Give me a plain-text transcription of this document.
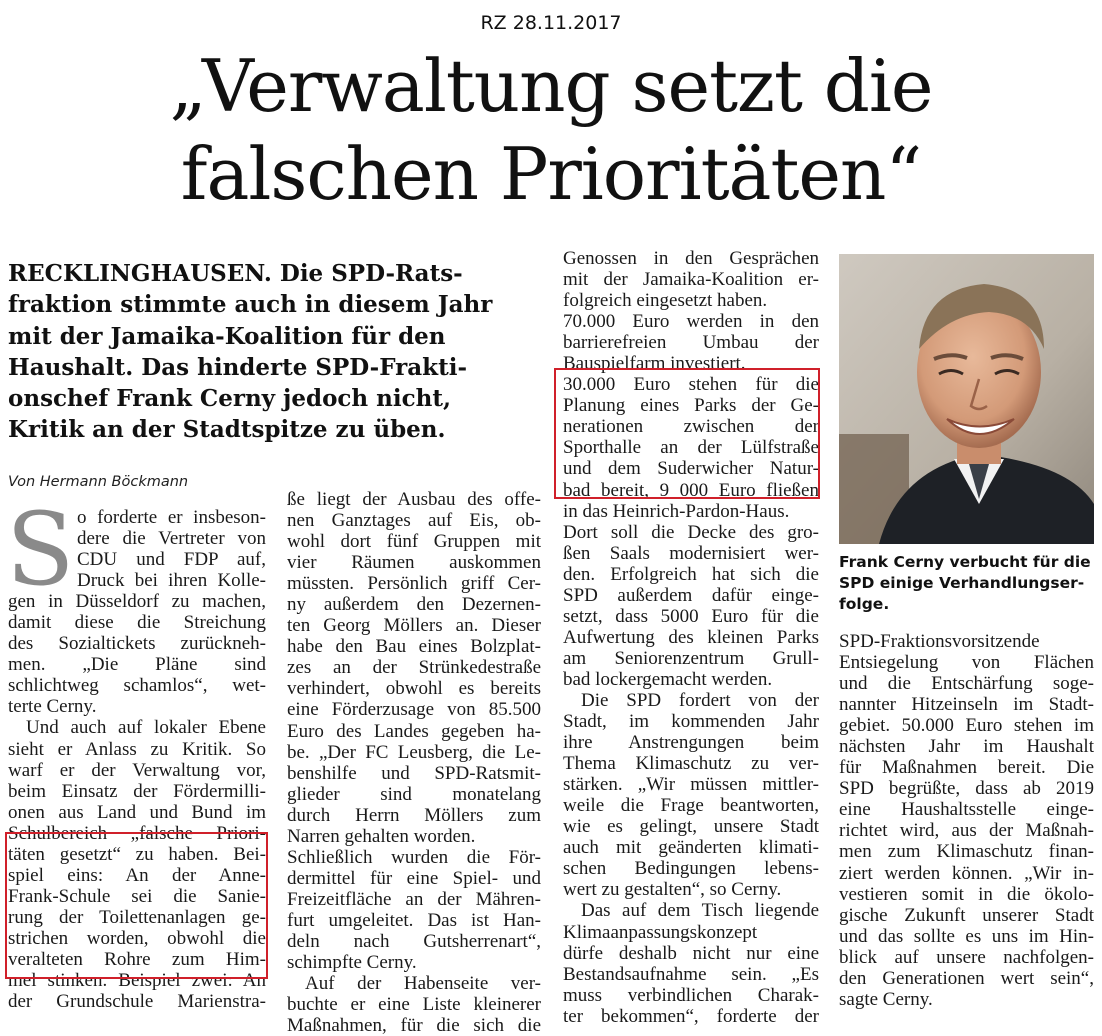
RZ 28.11.2017
„Verwaltung setzt die
falschen Prioritäten“
RECKLINGHAUSEN. Die SPD-Rats-
fraktion stimmte auch in diesem Jahr
mit der Jamaika-Koalition für den
Haushalt. Das hinderte SPD-Frakti-
onschef Frank Cerny jedoch nicht,
Kritik an der Stadtspitze zu üben.
Von Hermann Böckmann
S o forderte er insbeson-
dere die Vertreter von
CDU und FDP auf,
Druck bei ihren Kolle-
gen in Düsseldorf zu machen,
damit diese die Streichung
des Sozialtickets zurücknеh-
men. „Die Pläne sind
schlichtweg schamlos“, wet-
terte Cerny.
Und auch auf lokaler Ebene
sieht er Anlass zu Kritik. So
warf er der Verwaltung vor,
beim Einsatz der Fördermilli-
onen aus Land und Bund im
Schulbereich „falsche Priori-
täten gesetzt“ zu haben. Bei-
spiel eins: An der Anne-
Frank-Schule sei die Sanie-
rung der Toilettenanlagen ge-
strichen worden, obwohl die
veralteten Rohre zum Him-
mel stinken. Beispiel zwei: An
der Grundschule Marienstra-
ße liegt der Ausbau des offe-
nen Ganztages auf Eis, ob-
wohl dort fünf Gruppen mit
vier Räumen auskommen
müssten. Persönlich griff Cer-
ny außerdem den Dezernen-
ten Georg Möllers an. Dieser
habe den Bau eines Bolzplat-
zes an der Strünkedestraße
verhindert, obwohl es bereits
eine Förderzusage von 85.500
Euro des Landes gegeben ha-
be. „Der FC Leusberg, die Le-
benshilfe und SPD-Ratsmit-
glieder sind monatelang
durch Herrn Möllers zum
Narren gehalten worden.
Schließlich wurden die För-
dermittel für eine Spiel- und
Freizeitfläche an der Mähren-
furt umgeleitet. Das ist Han-
deln nach Gutsherrenart“,
schimpfte Cerny.
Auf der Habenseite ver-
buchte er eine Liste kleinerer
Maßnahmen, für die sich die
Genossen in den Gesprächen
mit der Jamaika-Koalition er-
folgreich eingesetzt haben.
70.000 Euro werden in den
barrierefreien Umbau der
Bauspielfarm investiert.
30.000 Euro stehen für die
Planung eines Parks der Ge-
nerationen zwischen der
Sporthalle an der Lülfstraße
und dem Suderwicher Natur-
bad bereit, 9 000 Euro fließen
in das Heinrich-Pardon-Haus.
Dort soll die Decke des gro-
ßen Saals modernisiert wer-
den. Erfolgreich hat sich die
SPD außerdem dafür einge-
setzt, dass 5000 Euro für die
Aufwertung des kleinen Parks
am Seniorenzentrum Grull-
bad lockergemacht werden.
Die SPD fordert von der
Stadt, im kommenden Jahr
ihre Anstrengungen beim
Thema Klimaschutz zu ver-
stärken. „Wir müssen mittler-
weile die Frage beantworten,
wie es gelingt, unsere Stadt
auch mit geänderten klimati-
schen Bedingungen lebens-
wert zu gestalten“, so Cerny.
Das auf dem Tisch liegende
Klimaanpassungskonzept
dürfe deshalb nicht nur eine
Bestandsaufnahme sein. „Es
muss verbindlichen Charak-
ter bekommen“, forderte der
Frank Cerny verbucht für die
SPD einige Verhandlungser-
folge.
SPD-Fraktionsvorsitzende
Entsiegelung von Flächen
und die Entschärfung soge-
nannter Hitzeinseln im Stadt-
gebiet. 50.000 Euro stehen im
nächsten Jahr im Haushalt
für Maßnahmen bereit. Die
SPD begrüßte, dass ab 2019
eine Haushaltsstelle einge-
richtet wird, aus der Maßnah-
men zum Klimaschutz finan-
ziert werden können. „Wir in-
vestieren somit in die ökolo-
gische Zukunft unserer Stadt
und das sollte es uns im Hin-
blick auf unsere nachfolgen-
den Generationen wert sein“,
sagte Cerny.
